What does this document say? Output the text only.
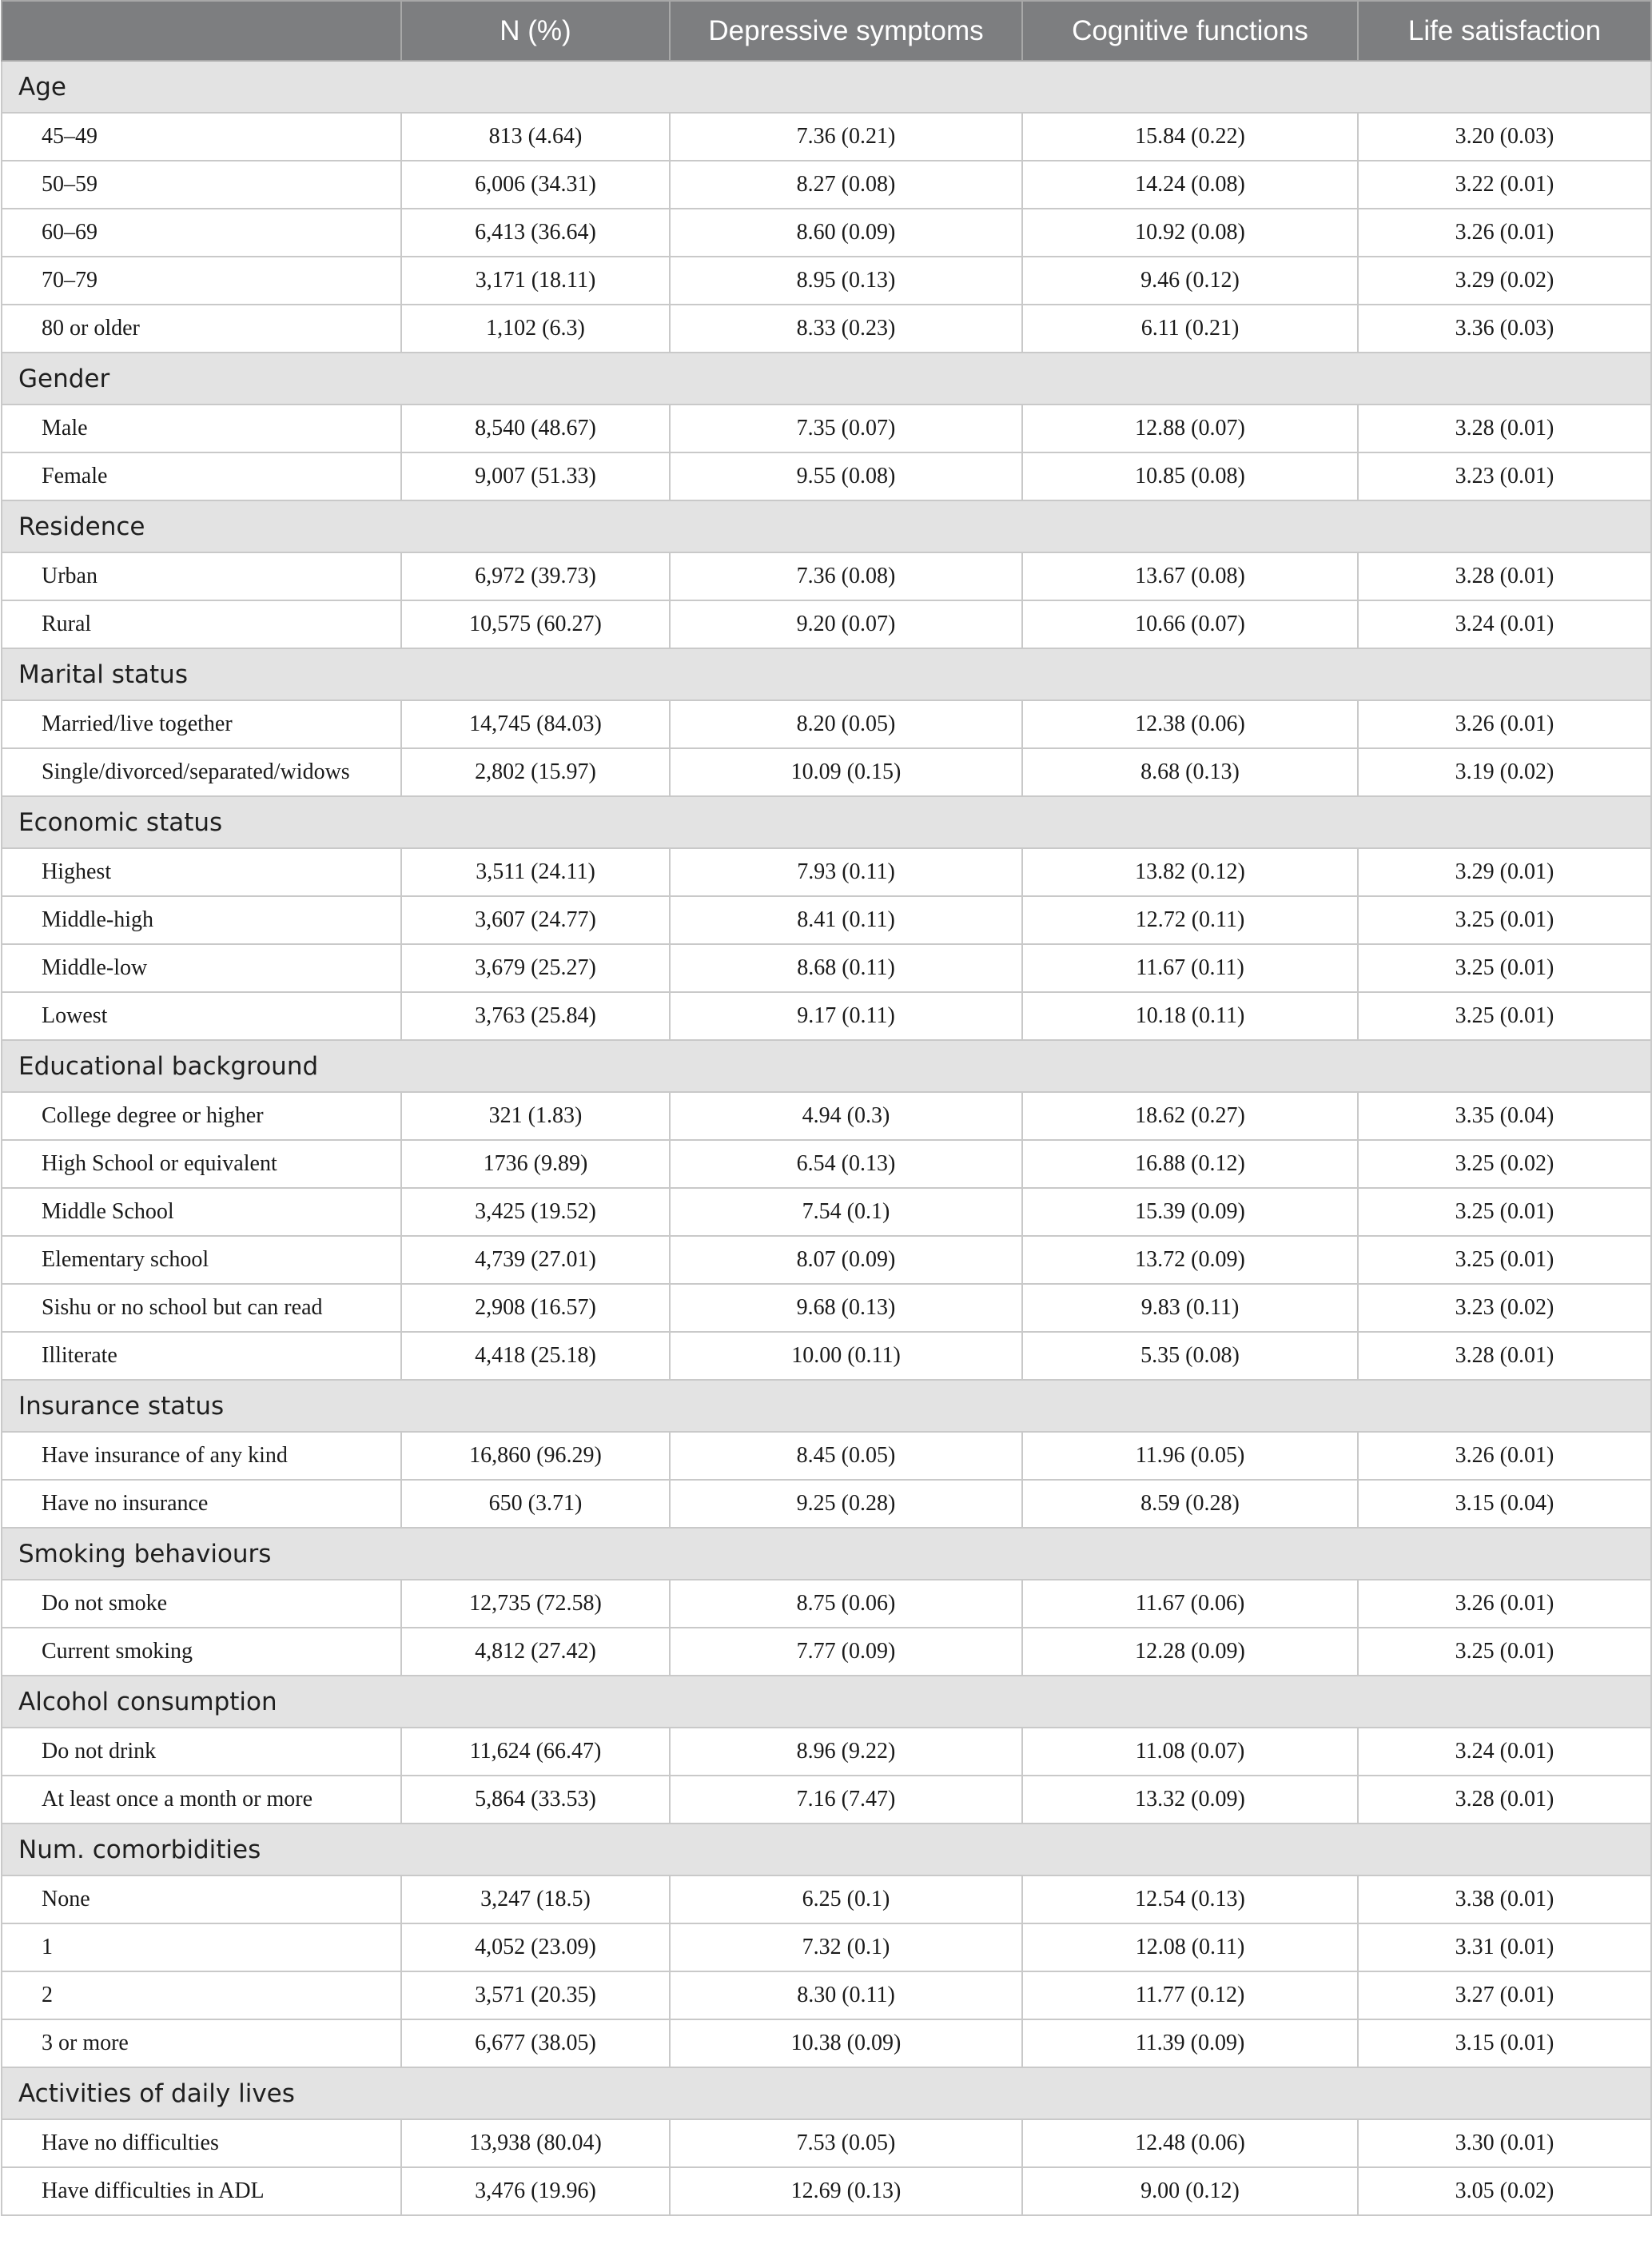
	N (%)	Depressive symptoms	Cognitive functions	Life satisfaction
Age				
45–49	813 (4.64)	7.36 (0.21)	15.84 (0.22)	3.20 (0.03)
50–59	6,006 (34.31)	8.27 (0.08)	14.24 (0.08)	3.22 (0.01)
60–69	6,413 (36.64)	8.60 (0.09)	10.92 (0.08)	3.26 (0.01)
70–79	3,171 (18.11)	8.95 (0.13)	9.46 (0.12)	3.29 (0.02)
80 or older	1,102 (6.3)	8.33 (0.23)	6.11 (0.21)	3.36 (0.03)
Gender				
Male	8,540 (48.67)	7.35 (0.07)	12.88 (0.07)	3.28 (0.01)
Female	9,007 (51.33)	9.55 (0.08)	10.85 (0.08)	3.23 (0.01)
Residence				
Urban	6,972 (39.73)	7.36 (0.08)	13.67 (0.08)	3.28 (0.01)
Rural	10,575 (60.27)	9.20 (0.07)	10.66 (0.07)	3.24 (0.01)
Marital status				
Married/live together	14,745 (84.03)	8.20 (0.05)	12.38 (0.06)	3.26 (0.01)
Single/divorced/separated/widows	2,802 (15.97)	10.09 (0.15)	8.68 (0.13)	3.19 (0.02)
Economic status				
Highest	3,511 (24.11)	7.93 (0.11)	13.82 (0.12)	3.29 (0.01)
Middle-high	3,607 (24.77)	8.41 (0.11)	12.72 (0.11)	3.25 (0.01)
Middle-low	3,679 (25.27)	8.68 (0.11)	11.67 (0.11)	3.25 (0.01)
Lowest	3,763 (25.84)	9.17 (0.11)	10.18 (0.11)	3.25 (0.01)
Educational background				
College degree or higher	321 (1.83)	4.94 (0.3)	18.62 (0.27)	3.35 (0.04)
High School or equivalent	1736 (9.89)	6.54 (0.13)	16.88 (0.12)	3.25 (0.02)
Middle School	3,425 (19.52)	7.54 (0.1)	15.39 (0.09)	3.25 (0.01)
Elementary school	4,739 (27.01)	8.07 (0.09)	13.72 (0.09)	3.25 (0.01)
Sishu or no school but can read	2,908 (16.57)	9.68 (0.13)	9.83 (0.11)	3.23 (0.02)
Illiterate	4,418 (25.18)	10.00 (0.11)	5.35 (0.08)	3.28 (0.01)
Insurance status				
Have insurance of any kind	16,860 (96.29)	8.45 (0.05)	11.96 (0.05)	3.26 (0.01)
Have no insurance	650 (3.71)	9.25 (0.28)	8.59 (0.28)	3.15 (0.04)
Smoking behaviours				
Do not smoke	12,735 (72.58)	8.75 (0.06)	11.67 (0.06)	3.26 (0.01)
Current smoking	4,812 (27.42)	7.77 (0.09)	12.28 (0.09)	3.25 (0.01)
Alcohol consumption				
Do not drink	11,624 (66.47)	8.96 (9.22)	11.08 (0.07)	3.24 (0.01)
At least once a month or more	5,864 (33.53)	7.16 (7.47)	13.32 (0.09)	3.28 (0.01)
Num. comorbidities				
None	3,247 (18.5)	6.25 (0.1)	12.54 (0.13)	3.38 (0.01)
1	4,052 (23.09)	7.32 (0.1)	12.08 (0.11)	3.31 (0.01)
2	3,571 (20.35)	8.30 (0.11)	11.77 (0.12)	3.27 (0.01)
3 or more	6,677 (38.05)	10.38 (0.09)	11.39 (0.09)	3.15 (0.01)
Activities of daily lives				
Have no difficulties	13,938 (80.04)	7.53 (0.05)	12.48 (0.06)	3.30 (0.01)
Have difficulties in ADL	3,476 (19.96)	12.69 (0.13)	9.00 (0.12)	3.05 (0.02)
